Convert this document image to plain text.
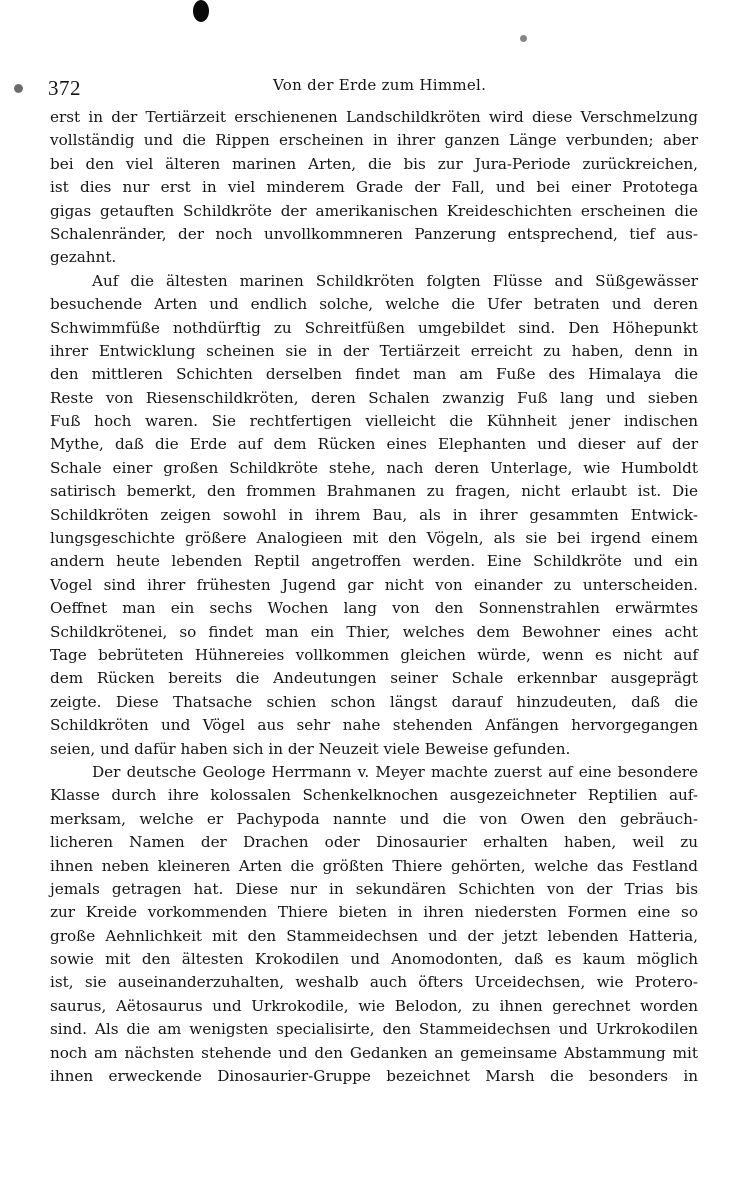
372	Von der Erde zum Himmel.
erst in der Tertiärzeit erschienenen Landschildkröten wird diese Verschmelzung
vollständig und die Rippen erscheinen in ihrer ganzen Länge verbunden; aber
bei den viel älteren marinen Arten, die bis zur Jura-Periode zurückreichen,
ist dies nur erst in viel minderem Grade der Fall, und bei einer Prototega
gigas getauften Schildkröte der amerikanischen Kreideschichten erscheinen die
Schalenränder, der noch unvollkommneren Panzerung entsprechend, tief aus-
gezahnt.
Auf die ältesten marinen Schildkröten folgten Flüsse and Süßgewässer
besuchende Arten und endlich solche, welche die Ufer betraten und deren
Schwimmfüße nothdürftig zu Schreitfüßen umgebildet sind. Den Höhepunkt
ihrer Entwicklung scheinen sie in der Tertiärzeit erreicht zu haben, denn in
den mittleren Schichten derselben findet man am Fuße des Himalaya die
Reste von Riesenschildkröten, deren Schalen zwanzig Fuß lang und sieben
Fuß hoch waren. Sie rechtfertigen vielleicht die Kühnheit jener indischen
Mythe, daß die Erde auf dem Rücken eines Elephanten und dieser auf der
Schale einer großen Schildkröte stehe, nach deren Unterlage, wie Humboldt
satirisch bemerkt, den frommen Brahmanen zu fragen, nicht erlaubt ist. Die
Schildkröten zeigen sowohl in ihrem Bau, als in ihrer gesammten Entwick-
lungsgeschichte größere Analogieen mit den Vögeln, als sie bei irgend einem
andern heute lebenden Reptil angetroffen werden. Eine Schildkröte und ein
Vogel sind ihrer frühesten Jugend gar nicht von einander zu unterscheiden.
Oeffnet man ein sechs Wochen lang von den Sonnenstrahlen erwärmtes
Schildkrötenei, so findet man ein Thier, welches dem Bewohner eines acht
Tage bebrüteten Hühnereies vollkommen gleichen würde, wenn es nicht auf
dem Rücken bereits die Andeutungen seiner Schale erkennbar ausgeprägt
zeigte. Diese Thatsache schien schon längst darauf hinzudeuten, daß die
Schildkröten und Vögel aus sehr nahe stehenden Anfängen hervorgegangen
seien, und dafür haben sich in der Neuzeit viele Beweise gefunden.
Der deutsche Geologe Herrmann v. Meyer machte zuerst auf eine besondere
Klasse durch ihre kolossalen Schenkelknochen ausgezeichneter Reptilien auf-
merksam, welche er Pachypoda nannte und die von Owen den gebräuch-
licheren Namen der Drachen oder Dinosaurier erhalten haben, weil zu
ihnen neben kleineren Arten die größten Thiere gehörten, welche das Festland
jemals getragen hat. Diese nur in sekundären Schichten von der Trias bis
zur Kreide vorkommenden Thiere bieten in ihren niedersten Formen eine so
große Aehnlichkeit mit den Stammeidechsen und der jetzt lebenden Hatteria,
sowie mit den ältesten Krokodilen und Anomodonten, daß es kaum möglich
ist, sie auseinanderzuhalten, weshalb auch öfters Urceidechsen, wie Protero-
saurus, Aëtosaurus und Urkrokodile, wie Belodon, zu ihnen gerechnet worden
sind. Als die am wenigsten specialisirte, den Stammeidechsen und Urkrokodilen
noch am nächsten stehende und den Gedanken an gemeinsame Abstammung mit
ihnen erweckende Dinosaurier-Gruppe bezeichnet Marsh die besonders in
